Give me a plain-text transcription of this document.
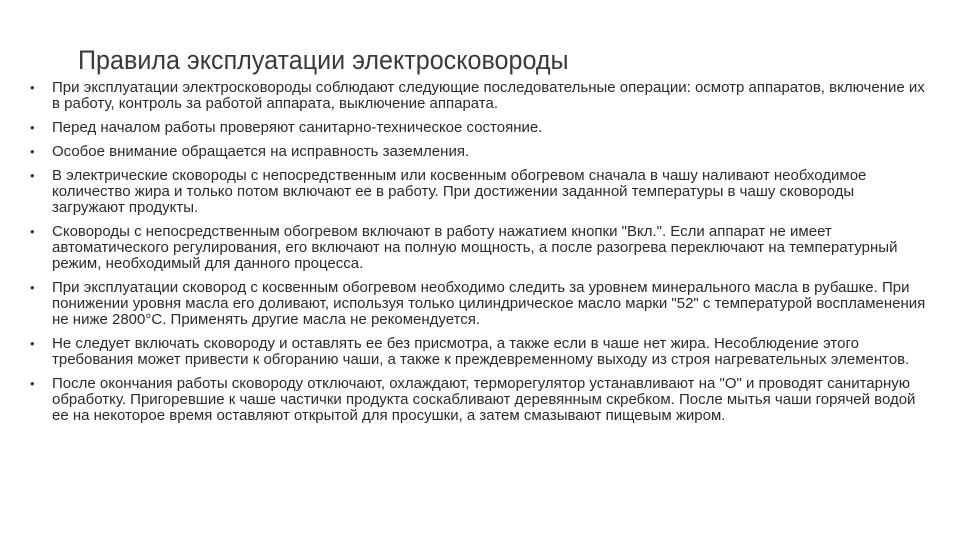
Правила эксплуатации электросковороды
•	При эксплуатации электросковороды соблюдают следующие последовательные операции: осмотр аппаратов, включение их в работу, контроль за работой аппарата, выключение аппарата.
•	Перед началом работы проверяют санитарно-техническое состояние.
•	Особое внимание обращается на исправность заземления.
•	В электрические сковороды с непосредственным или косвенным обогревом сначала в чашу наливают необходимое количество жира и только потом включают ее в работу. При достижении заданной температуры в чашу сковороды загружают продукты.
•	Сковороды с непосредственным обогревом включают в работу нажатием кнопки "Вкл.". Если аппарат не имеет автоматического регулирования, его включают на полную мощность, а после разогрева переключают на температурный режим, необходимый для данного процесса.
•	При эксплуатации сковород с косвенным обогревом необходимо следить за уровнем минерального масла в рубашке. При понижении уровня масла его доливают, используя только цилиндрическое масло марки "52" с температурой воспламенения не ниже 2800°С. Применять другие масла не рекомендуется.
•	Не следует включать сковороду и оставлять ее без присмотра, а также если в чаше нет жира. Несоблюдение этого требования может привести к обгоранию чаши, а также к преждевременному выходу из строя нагревательных элементов.
•	После окончания работы сковороду отключают, охлаждают, терморегулятор устанавливают на "О" и проводят санитарную обработку. Пригоревшие к чаше частички продукта соскабливают деревянным скребком. После мытья чаши горячей водой ее на некоторое время оставляют открытой для просушки, а затем смазывают пищевым жиром.
